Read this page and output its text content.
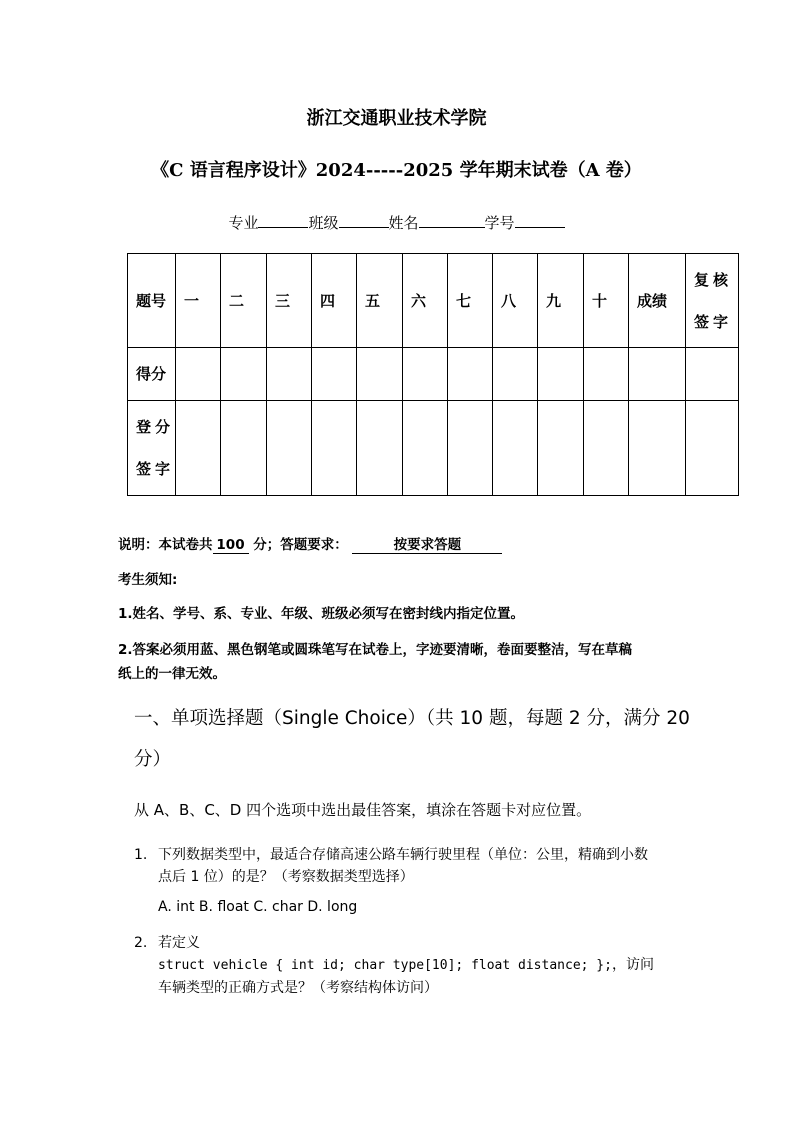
浙江交通职业技术学院
《C 语言程序设计》2024-----2025 学年期末试卷（A 卷）
专业	班级	姓名	学号
题号	一	二	三	四	五	六	七	八	九	十	成绩	复核签字
得分												
登分签字												
说明：本试卷共 100 分；答题要求：	按要求答题
考生须知:
1.姓名、学号、系、专业、年级、班级必须写在密封线内指定位置。
2.答案必须用蓝、黑色钢笔或圆珠笔写在试卷上，字迹要清晰，卷面要整洁，写在草稿
纸上的一律无效。
一、单项选择题（Single Choice）（共 10 题，每题 2 分，满分 20
分）
从 A、B、C、D 四个选项中选出最佳答案，填涂在答题卡对应位置。
1. 下列数据类型中，最适合存储高速公路车辆行驶里程（单位：公里，精确到小数
点后 1 位）的是？（考察数据类型选择）
A. int B. float C. char D. long
2. 若定义
struct vehicle { int id; char type[10]; float distance; };，访问
车辆类型的正确方式是？（考察结构体访问）
